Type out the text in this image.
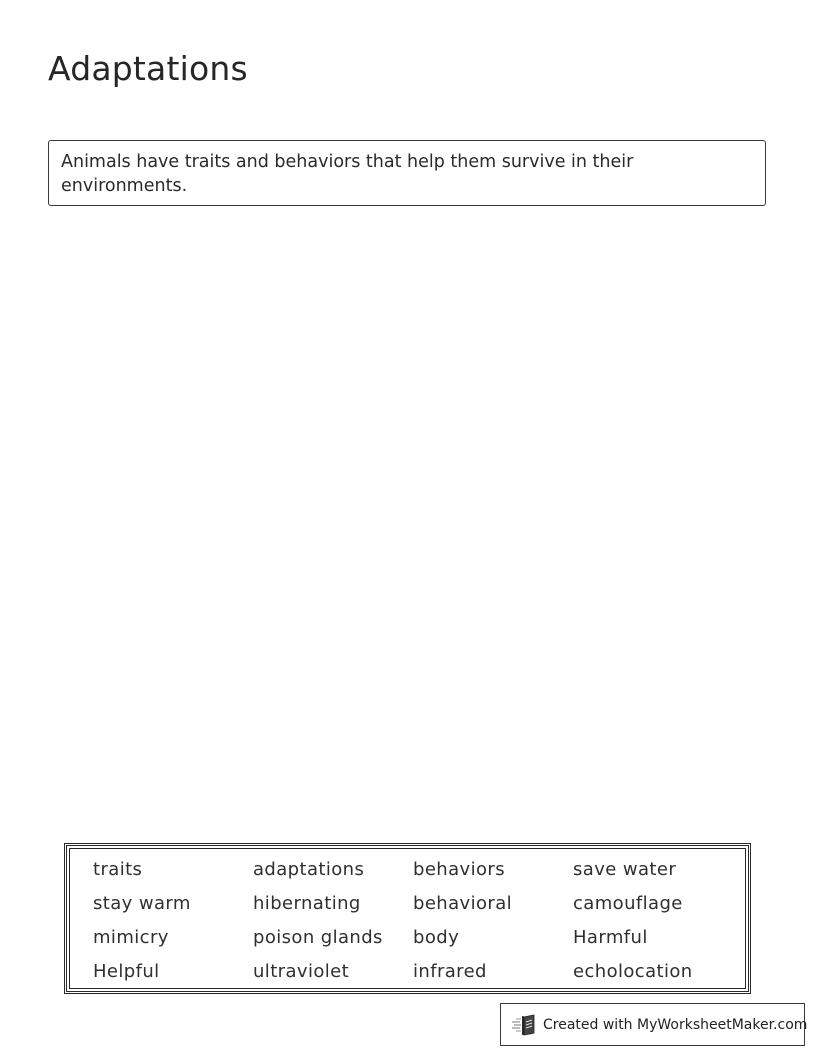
Adaptations
Animals have traits and behaviors that help them survive in their environments.
traits	adaptations	behaviors	save water
stay warm	hibernating	behavioral	camouflage
mimicry	poison glands	body	Harmful
Helpful	ultraviolet	infrared	echolocation
Created with MyWorksheetMaker.com
